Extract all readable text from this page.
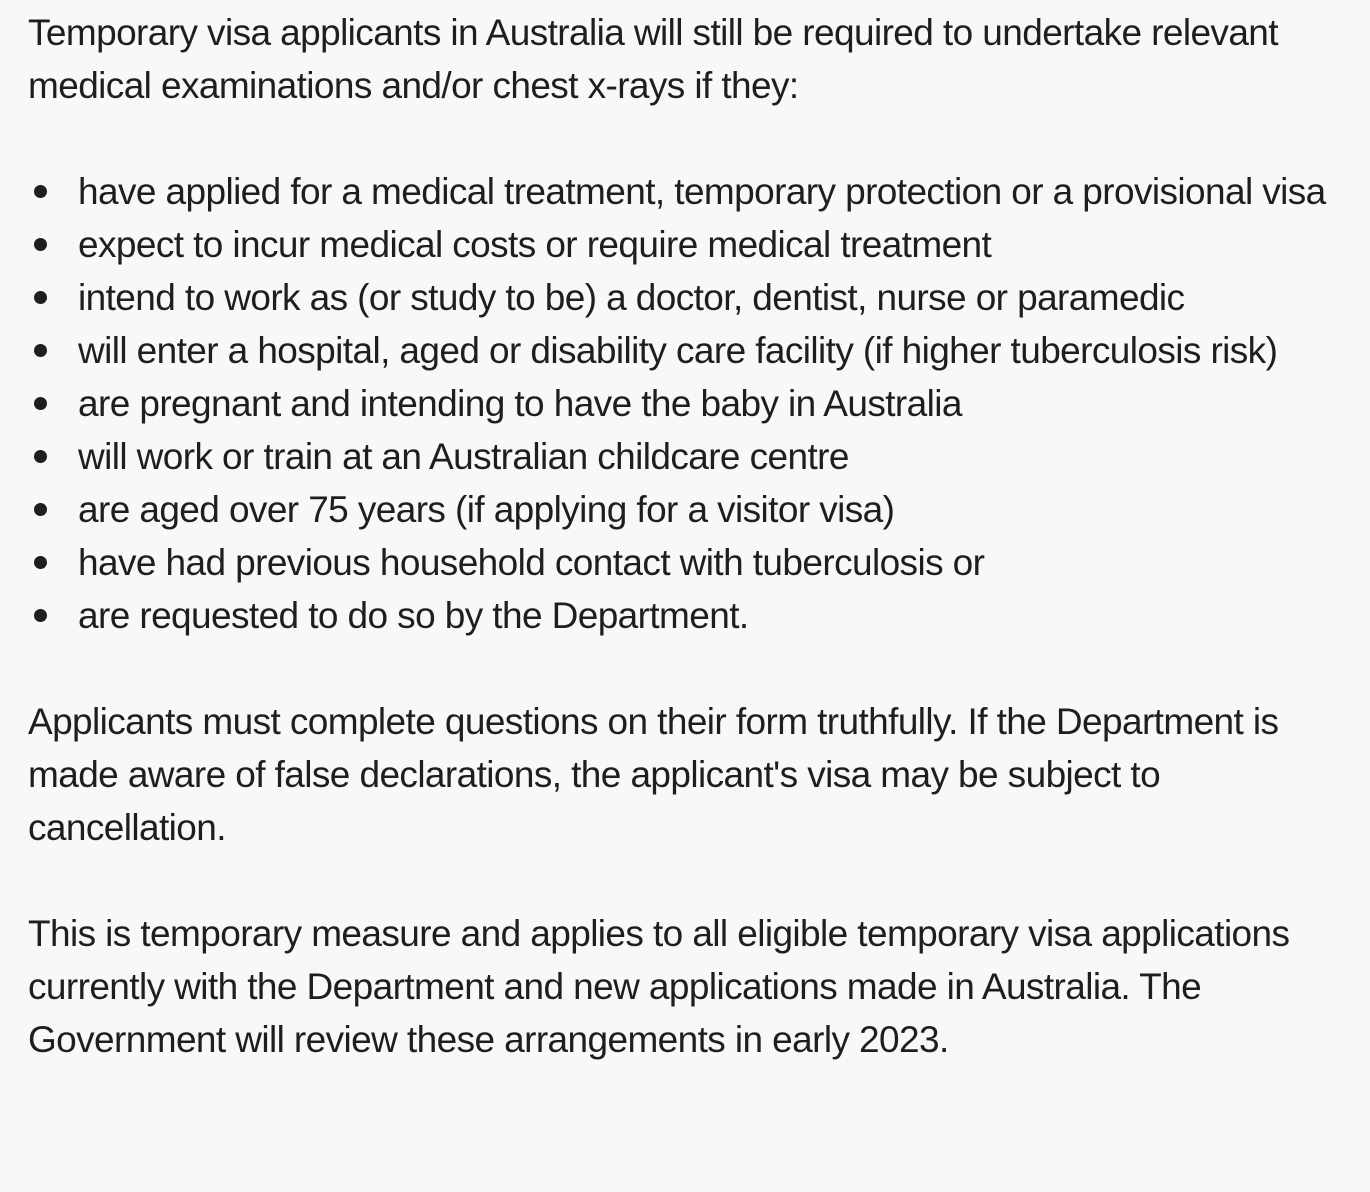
Temporary visa applicants in Australia will still be required to undertake relevant medical examinations and/or chest x-rays if they:

have applied for a medical treatment, temporary protection or a provisional visa
expect to incur medical costs or require medical treatment
intend to work as (or study to be) a doctor, dentist, nurse or paramedic
will enter a hospital, aged or disability care facility (if higher tuberculosis risk)
are pregnant and intending to have the baby in Australia
will work or train at an Australian childcare centre
are aged over 75 years (if applying for a visitor visa)
have had previous household contact with tuberculosis or
are requested to do so by the Department.

Applicants must complete questions on their form truthfully. If the Department is made aware of false declarations, the applicant's visa may be subject to cancellation.

This is temporary measure and applies to all eligible temporary visa applications currently with the Department and new applications made in Australia. The Government will review these arrangements in early 2023.
